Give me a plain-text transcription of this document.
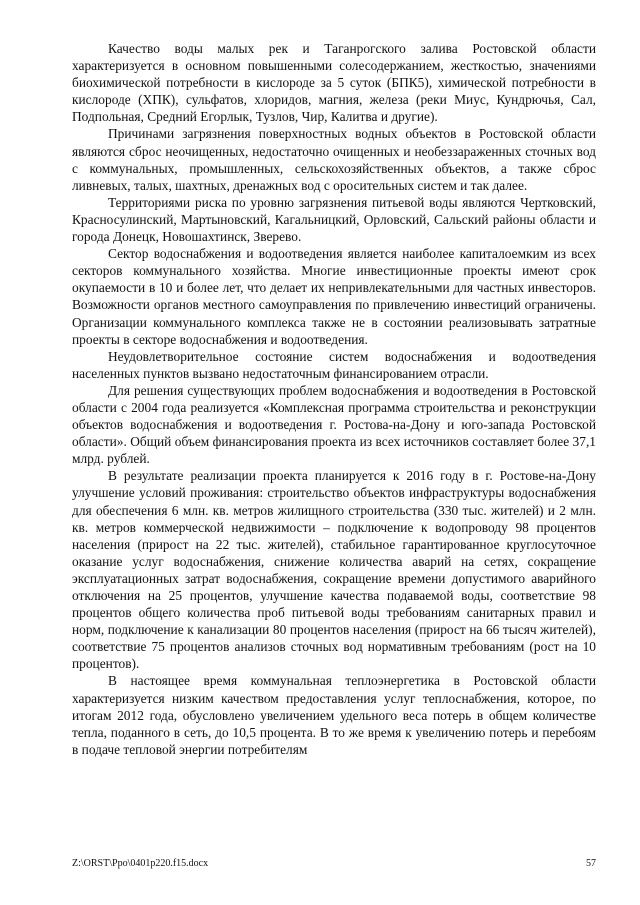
Качество воды малых рек и Таганрогского залива Ростовской области характеризуется в основном повышенными солесодержанием, жесткостью, значениями биохимической потребности в кислороде за 5 суток (БПК5), химической потребности в кислороде (ХПК), сульфатов, хлоридов, магния, железа (реки Миус, Кундрючья, Сал, Подпольная, Средний Егорлык, Тузлов, Чир, Калитва и другие).

Причинами загрязнения поверхностных водных объектов в Ростовской области являются сброс неочищенных, недостаточно очищенных и необеззараженных сточных вод с коммунальных, промышленных, сельскохозяйственных объектов, а также сброс ливневых, талых, шахтных, дренажных вод с оросительных систем и так далее.

Территориями риска по уровню загрязнения питьевой воды являются Чертковский, Красносулинский, Мартыновский, Кагальницкий, Орловский, Сальский районы области и города Донецк, Новошахтинск, Зверево.

Сектор водоснабжения и водоотведения является наиболее капиталоемким из всех секторов коммунального хозяйства. Многие инвестиционные проекты имеют срок окупаемости в 10 и более лет, что делает их непривлекательными для частных инвесторов. Возможности органов местного самоуправления по привлечению инвестиций ограничены. Организации коммунального комплекса также не в состоянии реализовывать затратные проекты в секторе водоснабжения и водоотведения.

Неудовлетворительное состояние систем водоснабжения и водоотведения населенных пунктов вызвано недостаточным финансированием отрасли.

Для решения существующих проблем водоснабжения и водоотведения в Ростовской области с 2004 года реализуется «Комплексная программа строительства и реконструкции объектов водоснабжения и водоотведения г. Ростова-на-Дону и юго-запада Ростовской области». Общий объем финансирования проекта из всех источников составляет более 37,1 млрд. рублей.

В результате реализации проекта планируется к 2016 году в г. Ростове-на-Дону улучшение условий проживания: строительство объектов инфраструктуры водоснабжения для обеспечения 6 млн. кв. метров жилищного строительства (330 тыс. жителей) и 2 млн. кв. метров коммерческой недвижимости – подключение к водопроводу 98 процентов населения (прирост на 22 тыс. жителей), стабильное гарантированное круглосуточное оказание услуг водоснабжения, снижение количества аварий на сетях, сокращение эксплуатационных затрат водоснабжения, сокращение времени допустимого аварийного отключения на 25 процентов, улучшение качества подаваемой воды, соответствие 98 процентов общего количества проб питьевой воды требованиям санитарных правил и норм, подключение к канализации 80 процентов населения (прирост на 66 тысяч жителей), соответствие 75 процентов анализов сточных вод нормативным требованиям (рост на 10 процентов).

В настоящее время коммунальная теплоэнергетика в Ростовской области характеризуется низким качеством предоставления услуг теплоснабжения, которое, по итогам 2012 года, обусловлено увеличением удельного веса потерь в общем количестве тепла, поданного в сеть, до 10,5 процента. В то же время к увеличению потерь и перебоям в подаче тепловой энергии потребителям

Z:\ORST\Ppo\0401p220.f15.docx	57
